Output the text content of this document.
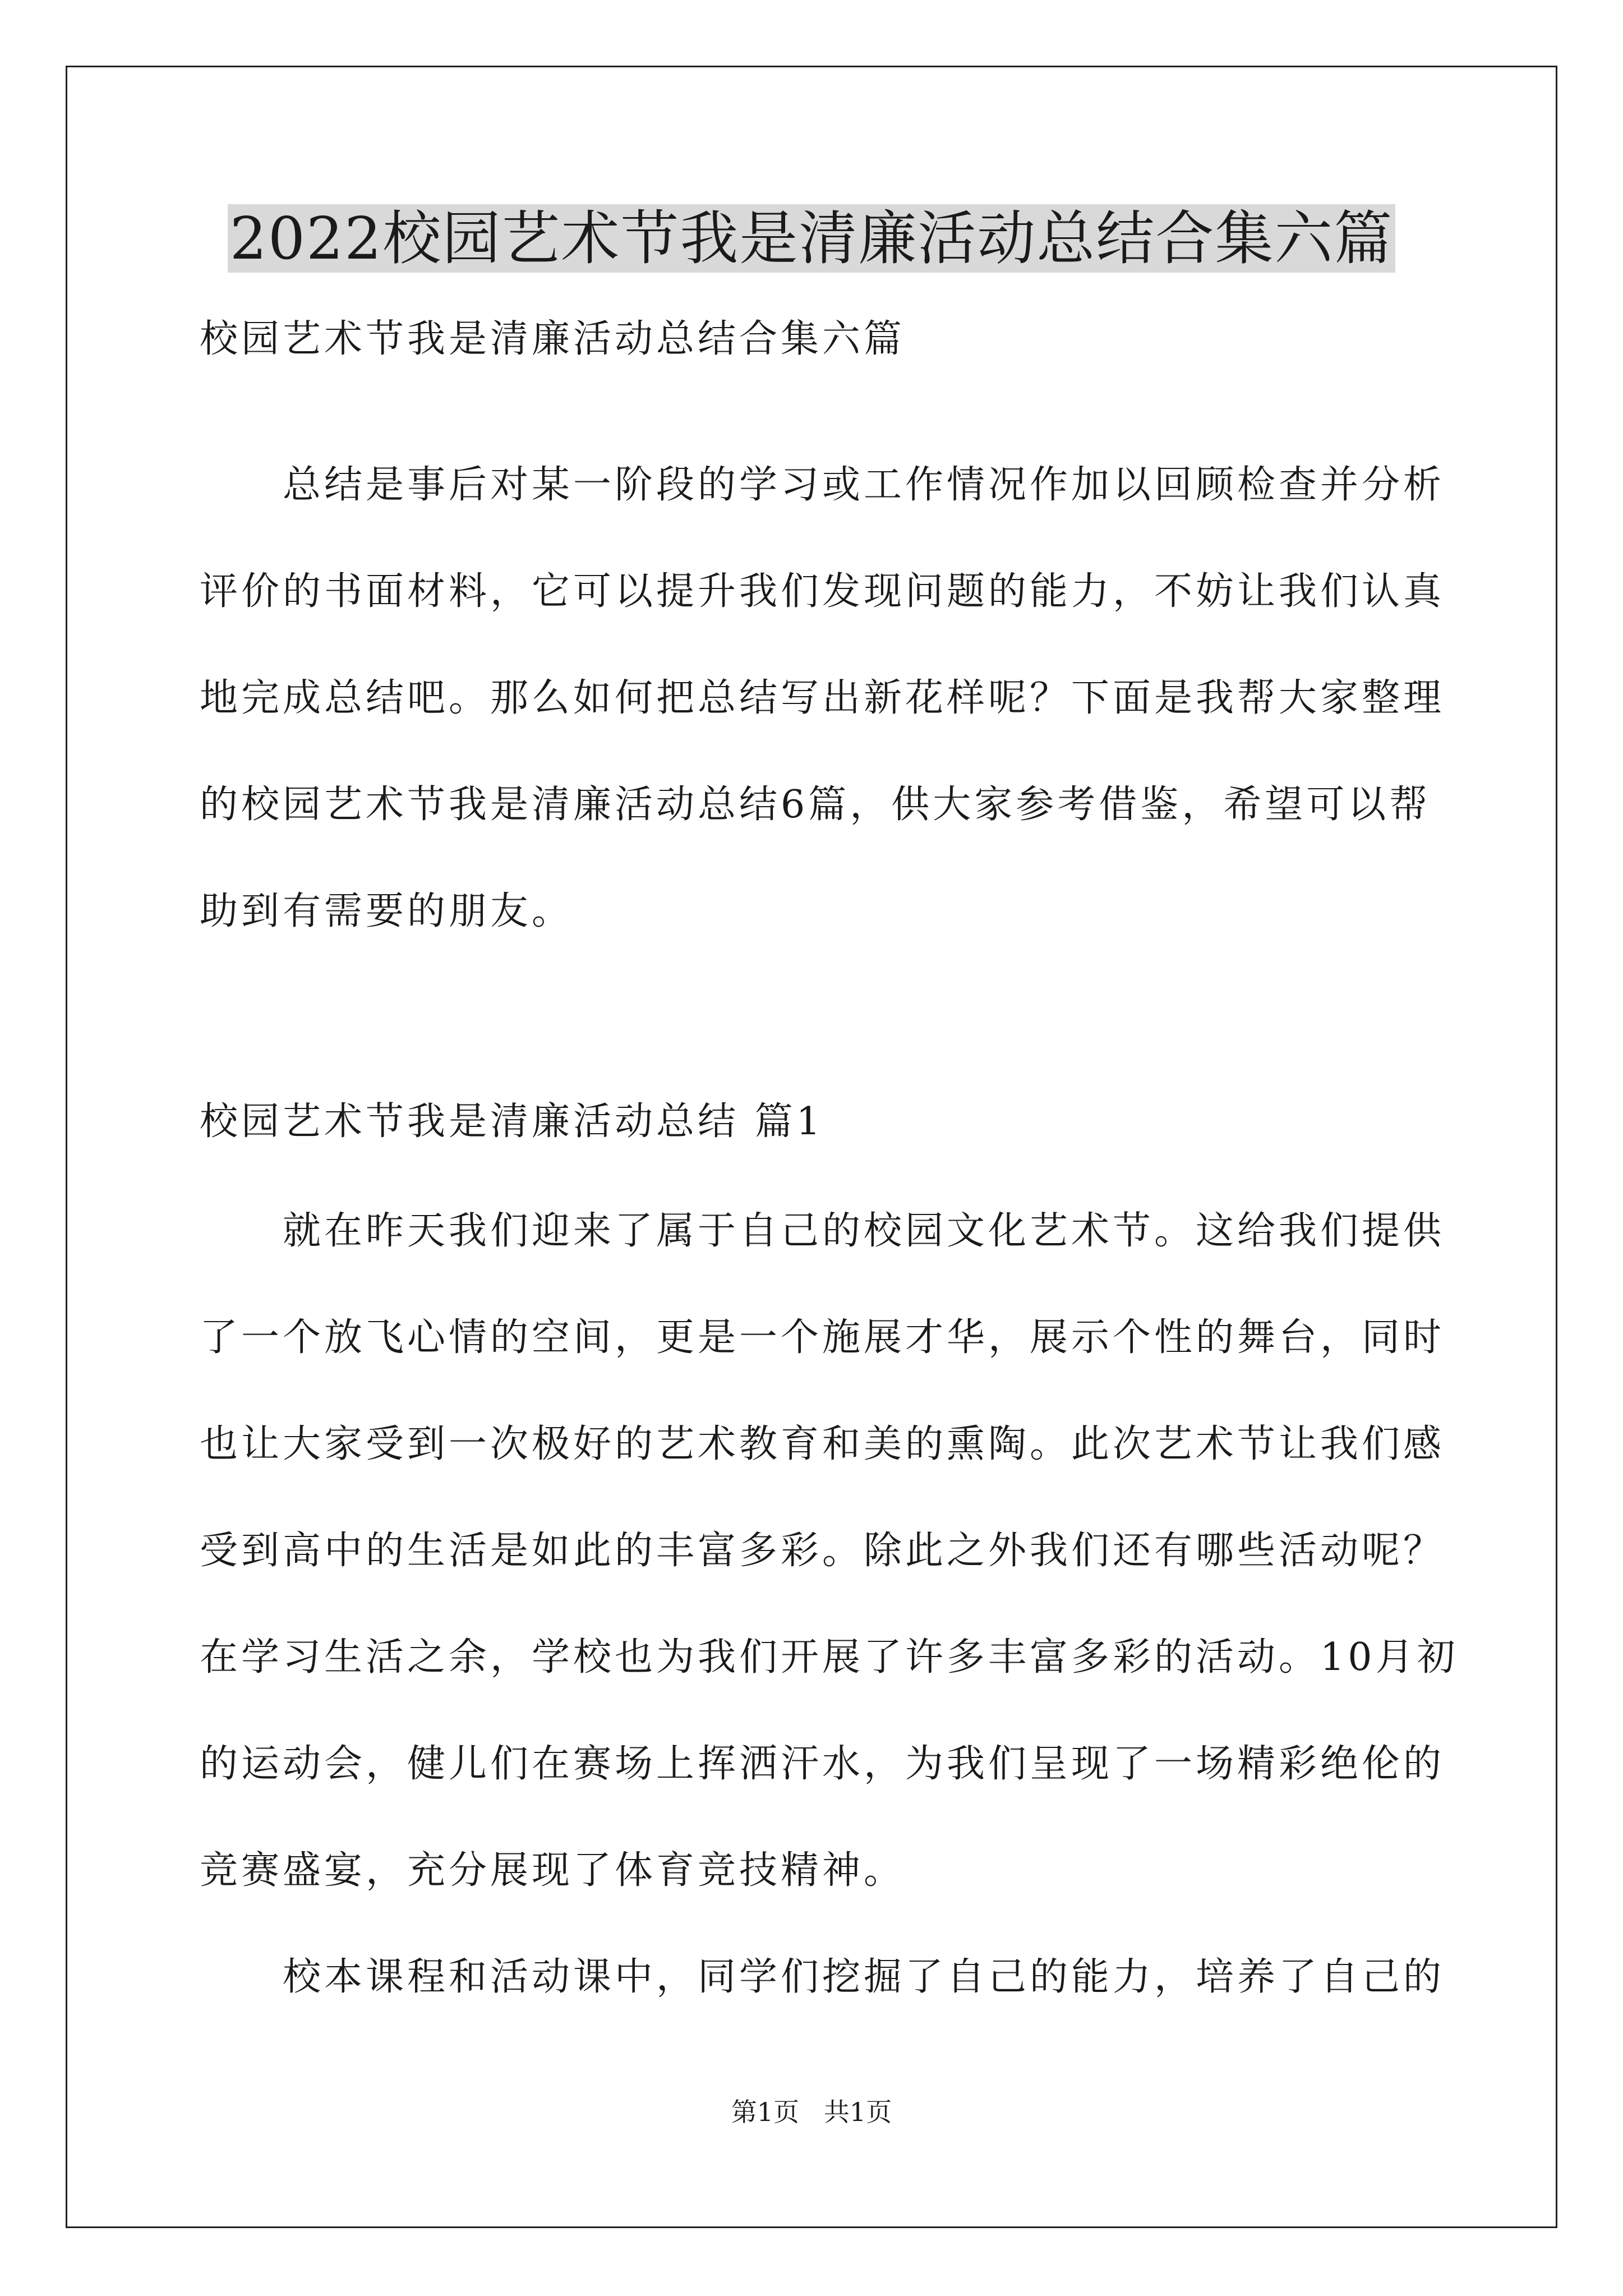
2022校园艺术节我是清廉活动总结合集六篇
校园艺术节我是清廉活动总结合集六篇
　　总结是事后对某一阶段的学习或工作情况作加以回顾检查并分析
评价的书面材料，它可以提升我们发现问题的能力，不妨让我们认真
地完成总结吧。那么如何把总结写出新花样呢？下面是我帮大家整理
的校园艺术节我是清廉活动总结6篇，供大家参考借鉴，希望可以帮
助到有需要的朋友。
校园艺术节我是清廉活动总结 篇1
　　就在昨天我们迎来了属于自己的校园文化艺术节。这给我们提供
了一个放飞心情的空间，更是一个施展才华，展示个性的舞台，同时
也让大家受到一次极好的艺术教育和美的熏陶。此次艺术节让我们感
受到高中的生活是如此的丰富多彩。除此之外我们还有哪些活动呢？
在学习生活之余，学校也为我们开展了许多丰富多彩的活动。10月初
的运动会，健儿们在赛场上挥洒汗水，为我们呈现了一场精彩绝伦的
竞赛盛宴，充分展现了体育竞技精神。
　　校本课程和活动课中，同学们挖掘了自己的能力，培养了自己的
第1页   共1页
